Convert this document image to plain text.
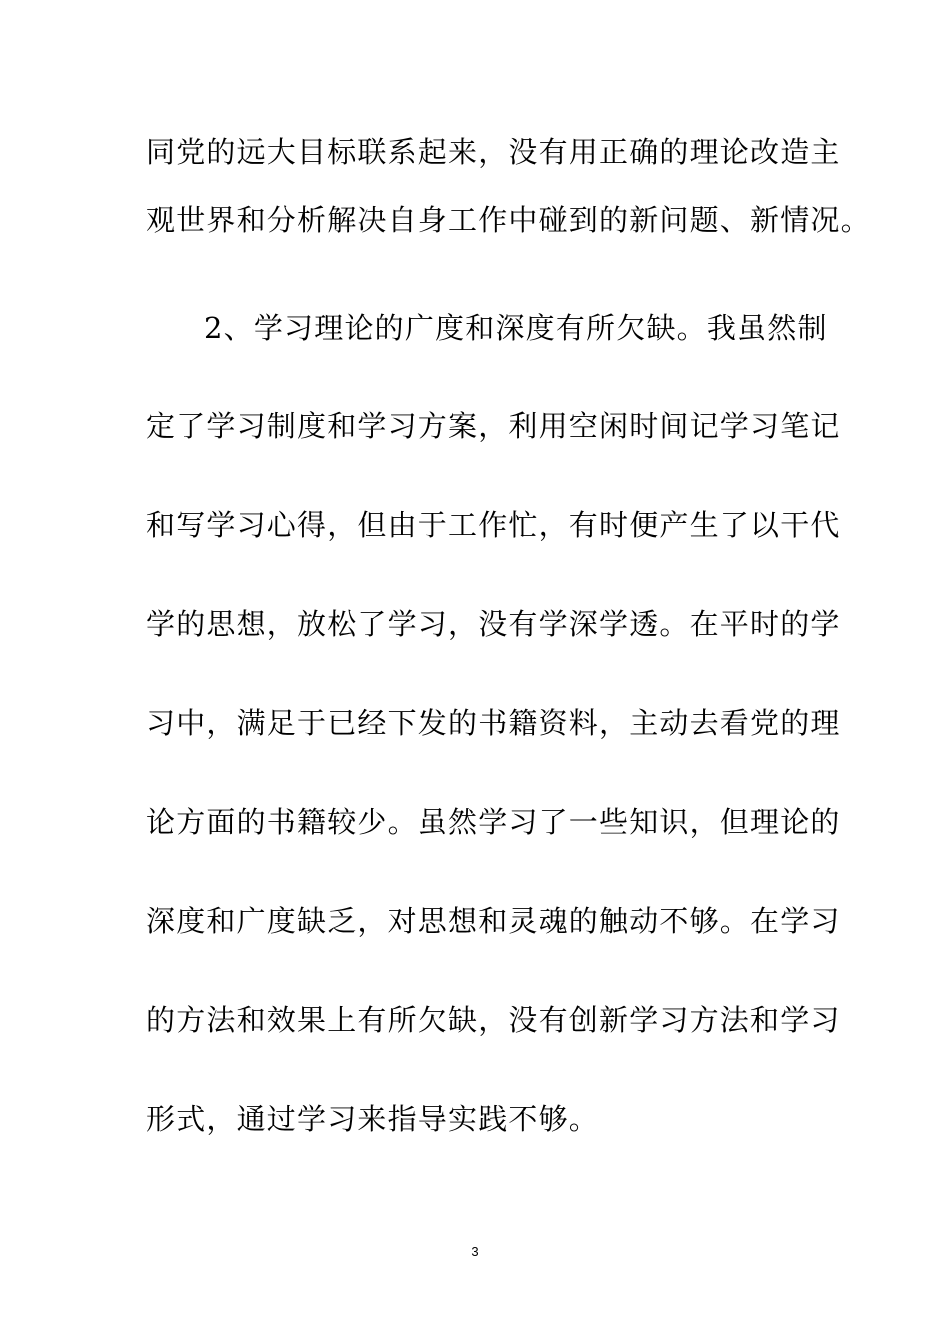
同党的远大目标联系起来，没有用正确的理论改造主
观世界和分析解决自身工作中碰到的新问题、新情况。
2、学习理论的广度和深度有所欠缺。我虽然制
定了学习制度和学习方案，利用空闲时间记学习笔记
和写学习心得，但由于工作忙，有时便产生了以干代
学的思想，放松了学习，没有学深学透。在平时的学
习中，满足于已经下发的书籍资料，主动去看党的理
论方面的书籍较少。虽然学习了一些知识，但理论的
深度和广度缺乏，对思想和灵魂的触动不够。在学习
的方法和效果上有所欠缺，没有创新学习方法和学习
形式，通过学习来指导实践不够。
3
